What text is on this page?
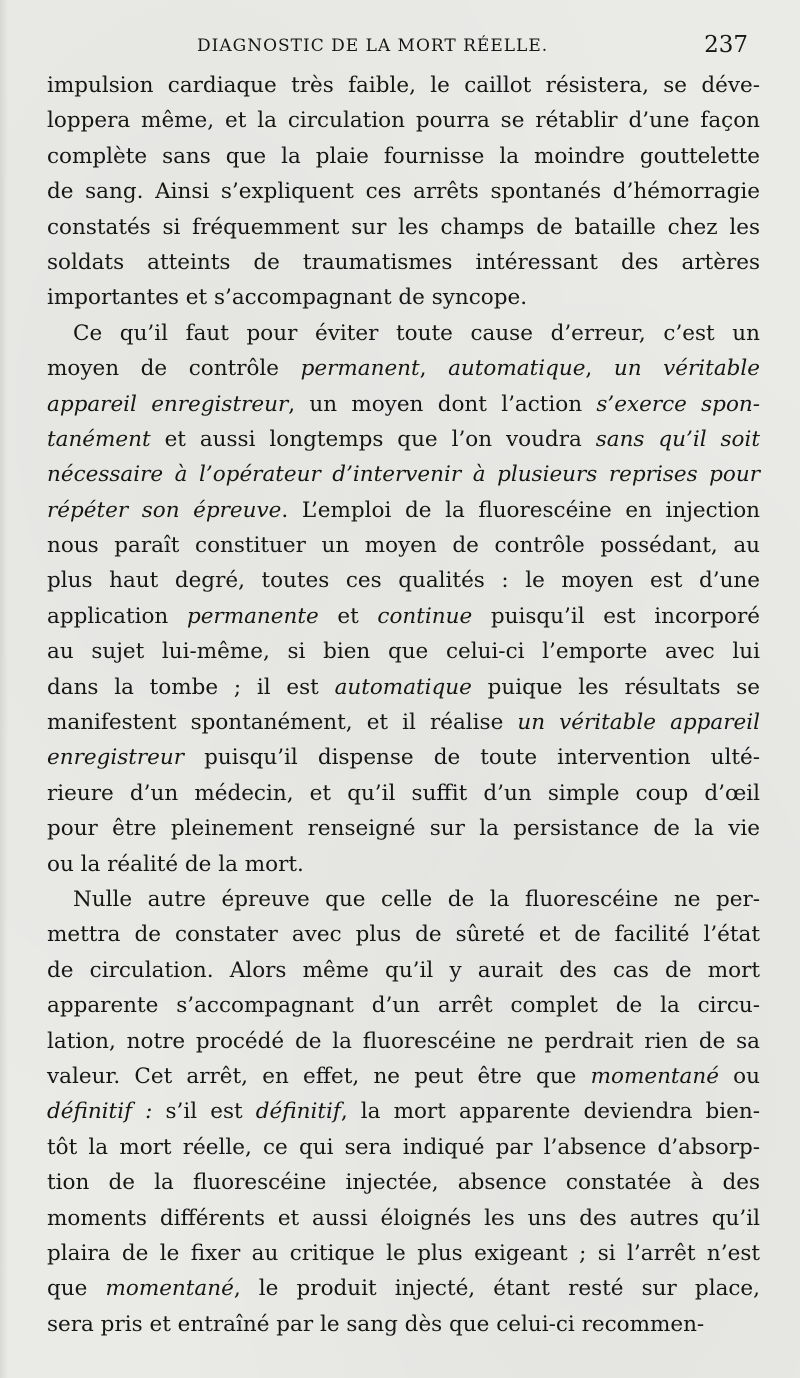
DIAGNOSTIC DE LA MORT RÉELLE.	237
impulsion cardiaque très faible, le caillot résistera, se déve-
loppera même, et la circulation pourra se rétablir d’une façon
complète sans que la plaie fournisse la moindre gouttelette
de sang. Ainsi s’expliquent ces arrêts spontanés d’hémorragie
constatés si fréquemment sur les champs de bataille chez les
soldats atteints de traumatismes intéressant des artères
importantes et s’accompagnant de syncope.
Ce qu’il faut pour éviter toute cause d’erreur, c’est un
moyen de contrôle permanent, automatique, un véritable
appareil enregistreur, un moyen dont l’action s’exerce spon-
tanément et aussi longtemps que l’on voudra sans qu’il soit
nécessaire à l’opérateur d’intervenir à plusieurs reprises pour
répéter son épreuve. L’emploi de la fluorescéine en injection
nous paraît constituer un moyen de contrôle possédant, au
plus haut degré, toutes ces qualités : le moyen est d’une
application permanente et continue puisqu’il est incorporé
au sujet lui-même, si bien que celui-ci l’emporte avec lui
dans la tombe ; il est automatique puique les résultats se
manifestent spontanément, et il réalise un véritable appareil
enregistreur puisqu’il dispense de toute intervention ulté-
rieure d’un médecin, et qu’il suffit d’un simple coup d’œil
pour être pleinement renseigné sur la persistance de la vie
ou la réalité de la mort.
Nulle autre épreuve que celle de la fluorescéine ne per-
mettra de constater avec plus de sûreté et de facilité l’état
de circulation. Alors même qu’il y aurait des cas de mort
apparente s’accompagnant d’un arrêt complet de la circu-
lation, notre procédé de la fluorescéine ne perdrait rien de sa
valeur. Cet arrêt, en effet, ne peut être que momentané ou
définitif : s’il est définitif, la mort apparente deviendra bien-
tôt la mort réelle, ce qui sera indiqué par l’absence d’absorp-
tion de la fluorescéine injectée, absence constatée à des
moments différents et aussi éloignés les uns des autres qu’il
plaira de le fixer au critique le plus exigeant ; si l’arrêt n’est
que momentané, le produit injecté, étant resté sur place,
sera pris et entraîné par le sang dès que celui-ci recommen-
